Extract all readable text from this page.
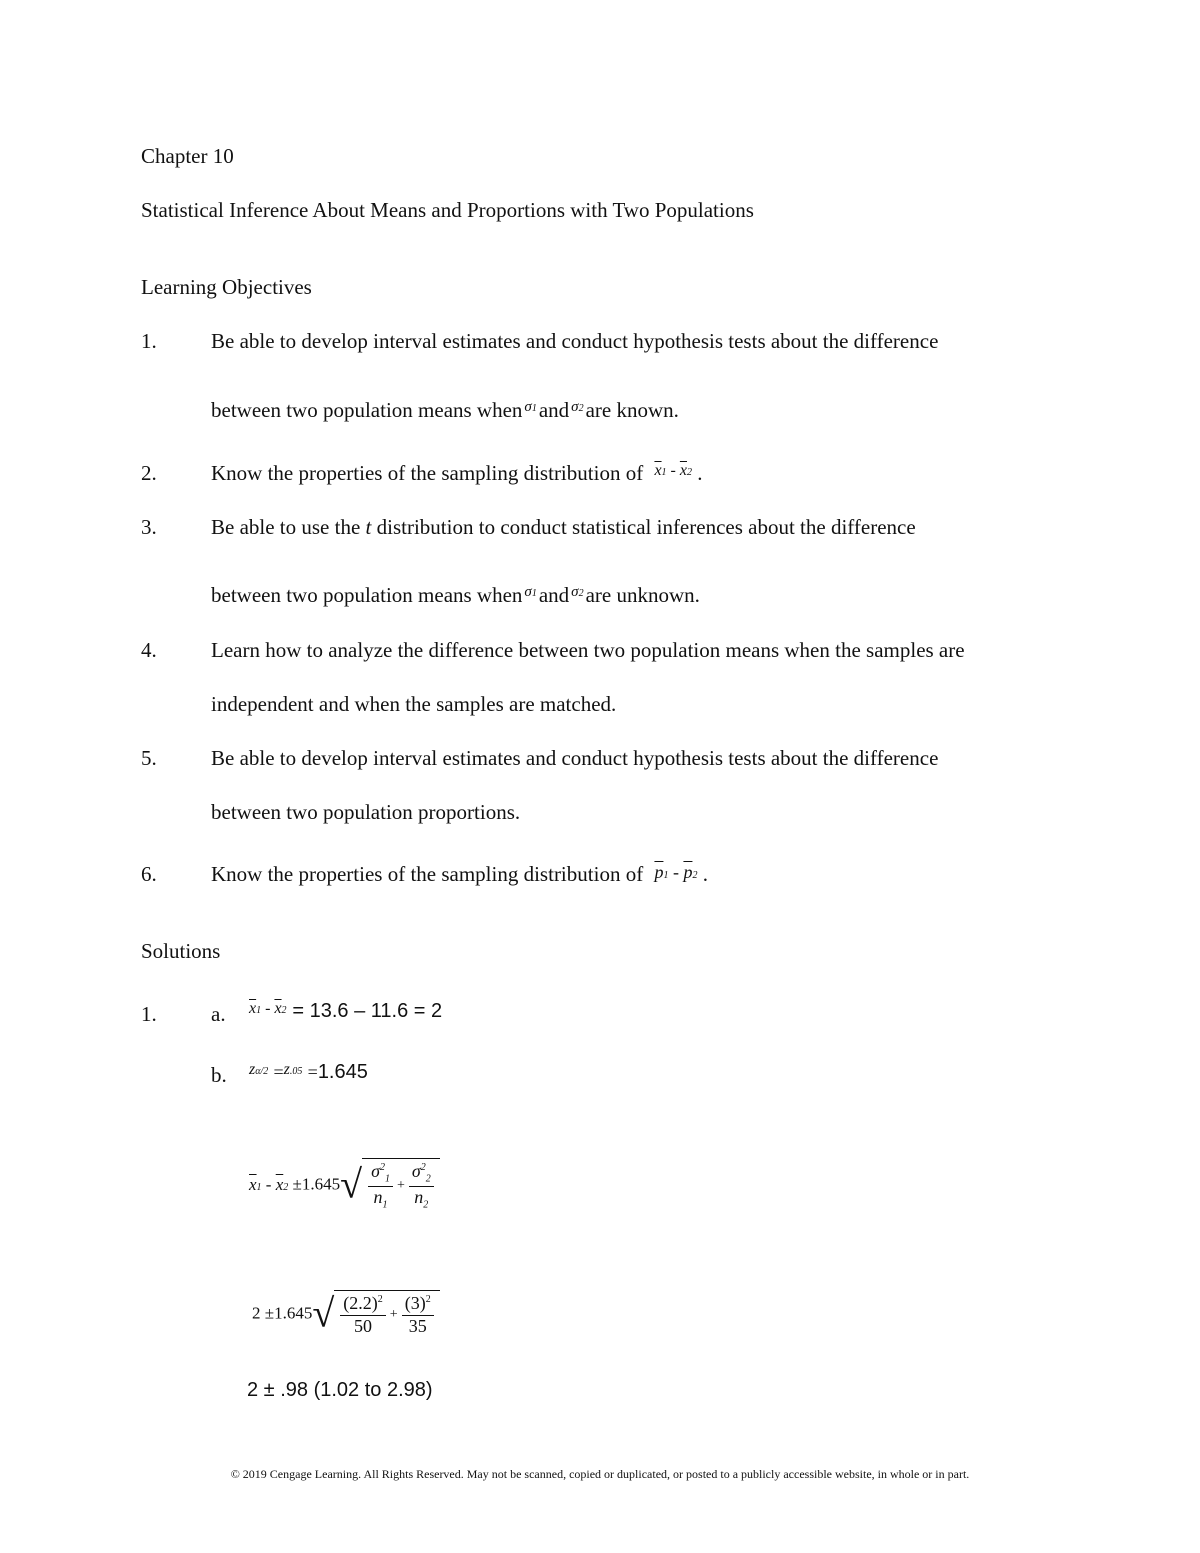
Chapter 10
Statistical Inference About Means and Proportions with Two Populations
Learning Objectives
1.	Be able to develop interval estimates and conduct hypothesis tests about the difference
between two population means when $^{\sigma 1}$and $^{\sigma 2}$are known.
2.	Know the properties of the sampling distribution of $^{\overline{x}1 - \overline{x}2}$ .
3.	Be able to use the t distribution to conduct statistical inferences about the difference
between two population means when $^{\sigma 1}$and $^{\sigma 2}$are unknown.
4.	Learn how to analyze the difference between two population means when the samples are
independent and when the samples are matched.
5.	Be able to develop interval estimates and conduct hypothesis tests about the difference
between two population proportions.
6.	Know the properties of the sampling distribution of $\overline{p}1 - \overline{p}2$ .
Solutions
1.	a. $\overline{x}1 - \overline{x}2 = 13.6 - 11.6 = 2$
b. zα/2 =z.05 =1.645
$\overline{x}1 - \overline{x}2 \pm 1.645√ \frac{\sigma^2_1}{n_1} + \frac{\sigma^2_2}{n_2}$
$2 \pm 1.645√ \frac{(2.2)^2}{50} + \frac{(3)^2}{35}$
2 ± .98 (1.02 to 2.98)
© 2019 Cengage Learning. All Rights Reserved. May not be scanned, copied or duplicated, or posted to a publicly accessible website, in whole or in part.
